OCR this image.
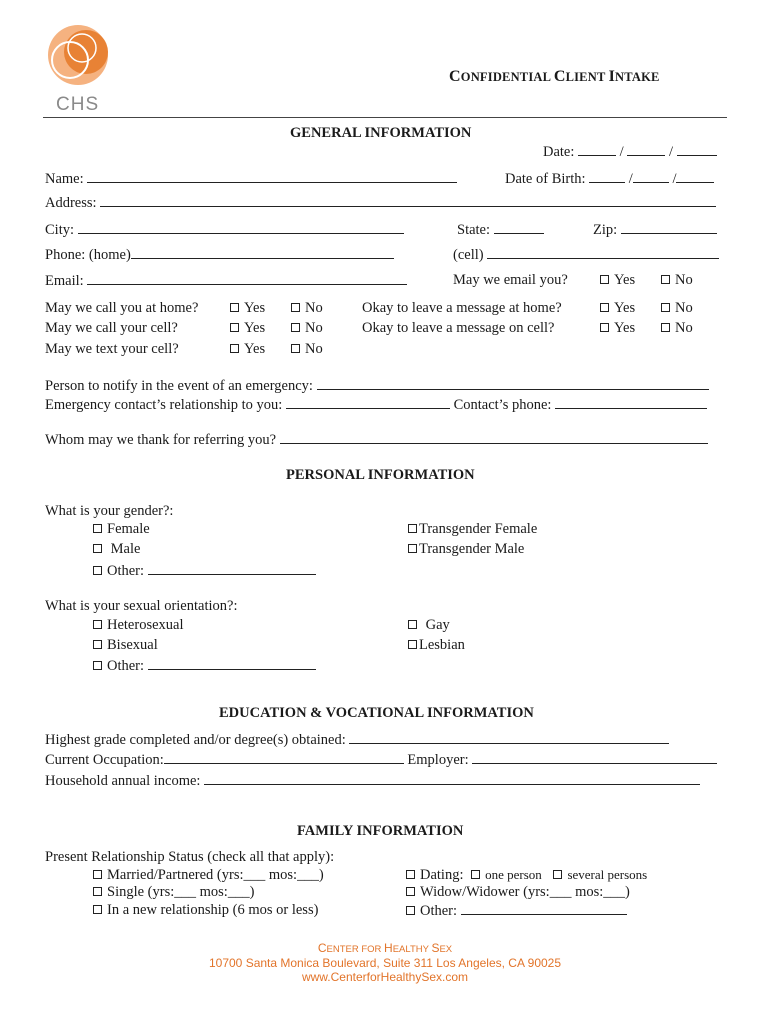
CHS
CONFIDENTIAL CLIENT INTAKE
GENERAL INFORMATION
Date:	/	/
Name:	Date of Birth:	/	/
Address:
City:	State:	Zip:
Phone: (home)	(cell)
Email:	May we email you?	Yes	No
May we call you at home?	Yes	No
May we call your cell?	Yes	No
May we text your cell?	Yes	No
Okay to leave a message at home?	Yes	No
Okay to leave a message on cell?	Yes	No
Person to notify in the event of an emergency:
Emergency contact’s relationship to you:	Contact’s phone:
Whom may we thank for referring you?
PERSONAL INFORMATION
What is your gender?:
Female
Male
Other:
Transgender Female
Transgender Male
What is your sexual orientation?:
Heterosexual
Bisexual
Other:
Gay
Lesbian
EDUCATION & VOCATIONAL INFORMATION
Highest grade completed and/or degree(s) obtained:
Current Occupation:	Employer:
Household annual income:
FAMILY INFORMATION
Present Relationship Status (check all that apply):
Married/Partnered (yrs:___ mos:___)
Single (yrs:___ mos:___)
In a new relationship (6 mos or less)
Dating: one person several persons
Widow/Widower (yrs:___ mos:___)
Other:
CENTER FOR HEALTHY SEX
10700 Santa Monica Boulevard, Suite 311 Los Angeles, CA 90025
www.CenterforHealthySex.com
